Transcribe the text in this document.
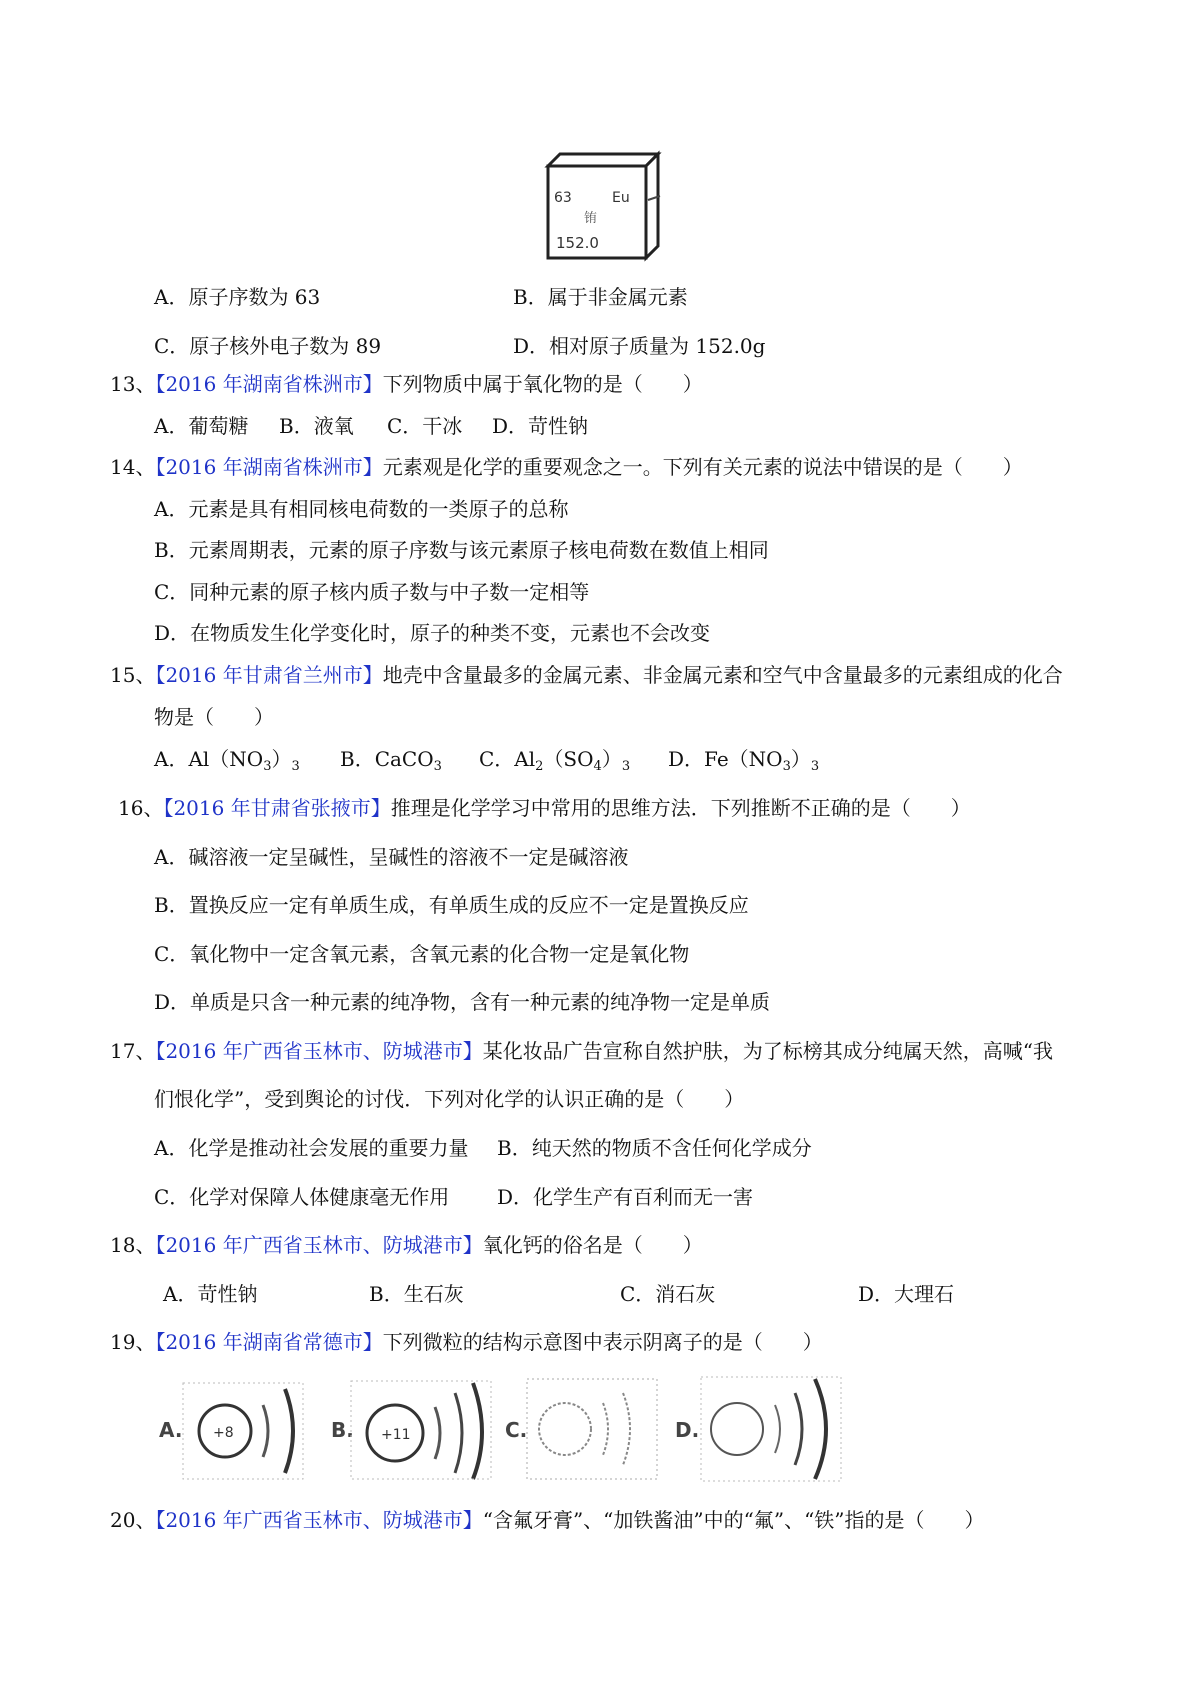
63	Eu
铕
152.0
A．原子序数为 63	B．属于非金属元素
C．原子核外电子数为 89	D．相对原子质量为 152.0g
13、【2016 年湖南省株洲市】下列物质中属于氧化物的是（　　）
A．葡萄糖 B．液氧 C．干冰 D．苛性钠
14、【2016 年湖南省株洲市】元素观是化学的重要观念之一。下列有关元素的说法中错误的是（　　）
A．元素是具有相同核电荷数的一类原子的总称
B．元素周期表，元素的原子序数与该元素原子核电荷数在数值上相同
C．同种元素的原子核内质子数与中子数一定相等
D．在物质发生化学变化时，原子的种类不变，元素也不会改变
15、【2016 年甘肃省兰州市】地壳中含量最多的金属元素、非金属元素和空气中含量最多的元素组成的化合
物是（　　）
A．$Al(NO_3)_3$ B．CaCO$_3$ C．$Al_2(SO_4)_3$ D．$Fe(NO_3)_3$
16、【2016 年甘肃省张掖市】推理是化学学习中常用的思维方法．下列推断不正确的是（　　）
A．碱溶液一定呈碱性，呈碱性的溶液不一定是碱溶液
B．置换反应一定有单质生成，有单质生成的反应不一定是置换反应
C．氧化物中一定含氧元素，含氧元素的化合物一定是氧化物
D．单质是只含一种元素的纯净物，含有一种元素的纯净物一定是单质
17、【2016 年广西省玉林市、防城港市】某化妆品广告宣称自然护肤，为了标榜其成分纯属天然，高喊“我
们恨化学”，受到舆论的讨伐．下列对化学的认识正确的是（　　）
A．化学是推动社会发展的重要力量 B．纯天然的物质不含任何化学成分
C．化学对保障人体健康毫无作用 D．化学生产有百利而无一害
18、【2016 年广西省玉林市、防城港市】氧化钙的俗名是（　　）
A．苛性钠	B．生石灰	C．消石灰	D．大理石
19、【2016 年湖南省常德市】下列微粒的结构示意图中表示阴离子的是（　　）
A. +8	B. +11	C.	D.
20、【2016 年广西省玉林市、防城港市】“含氟牙膏”、“加铁酱油”中的“氟”、“铁”指的是（　　）
